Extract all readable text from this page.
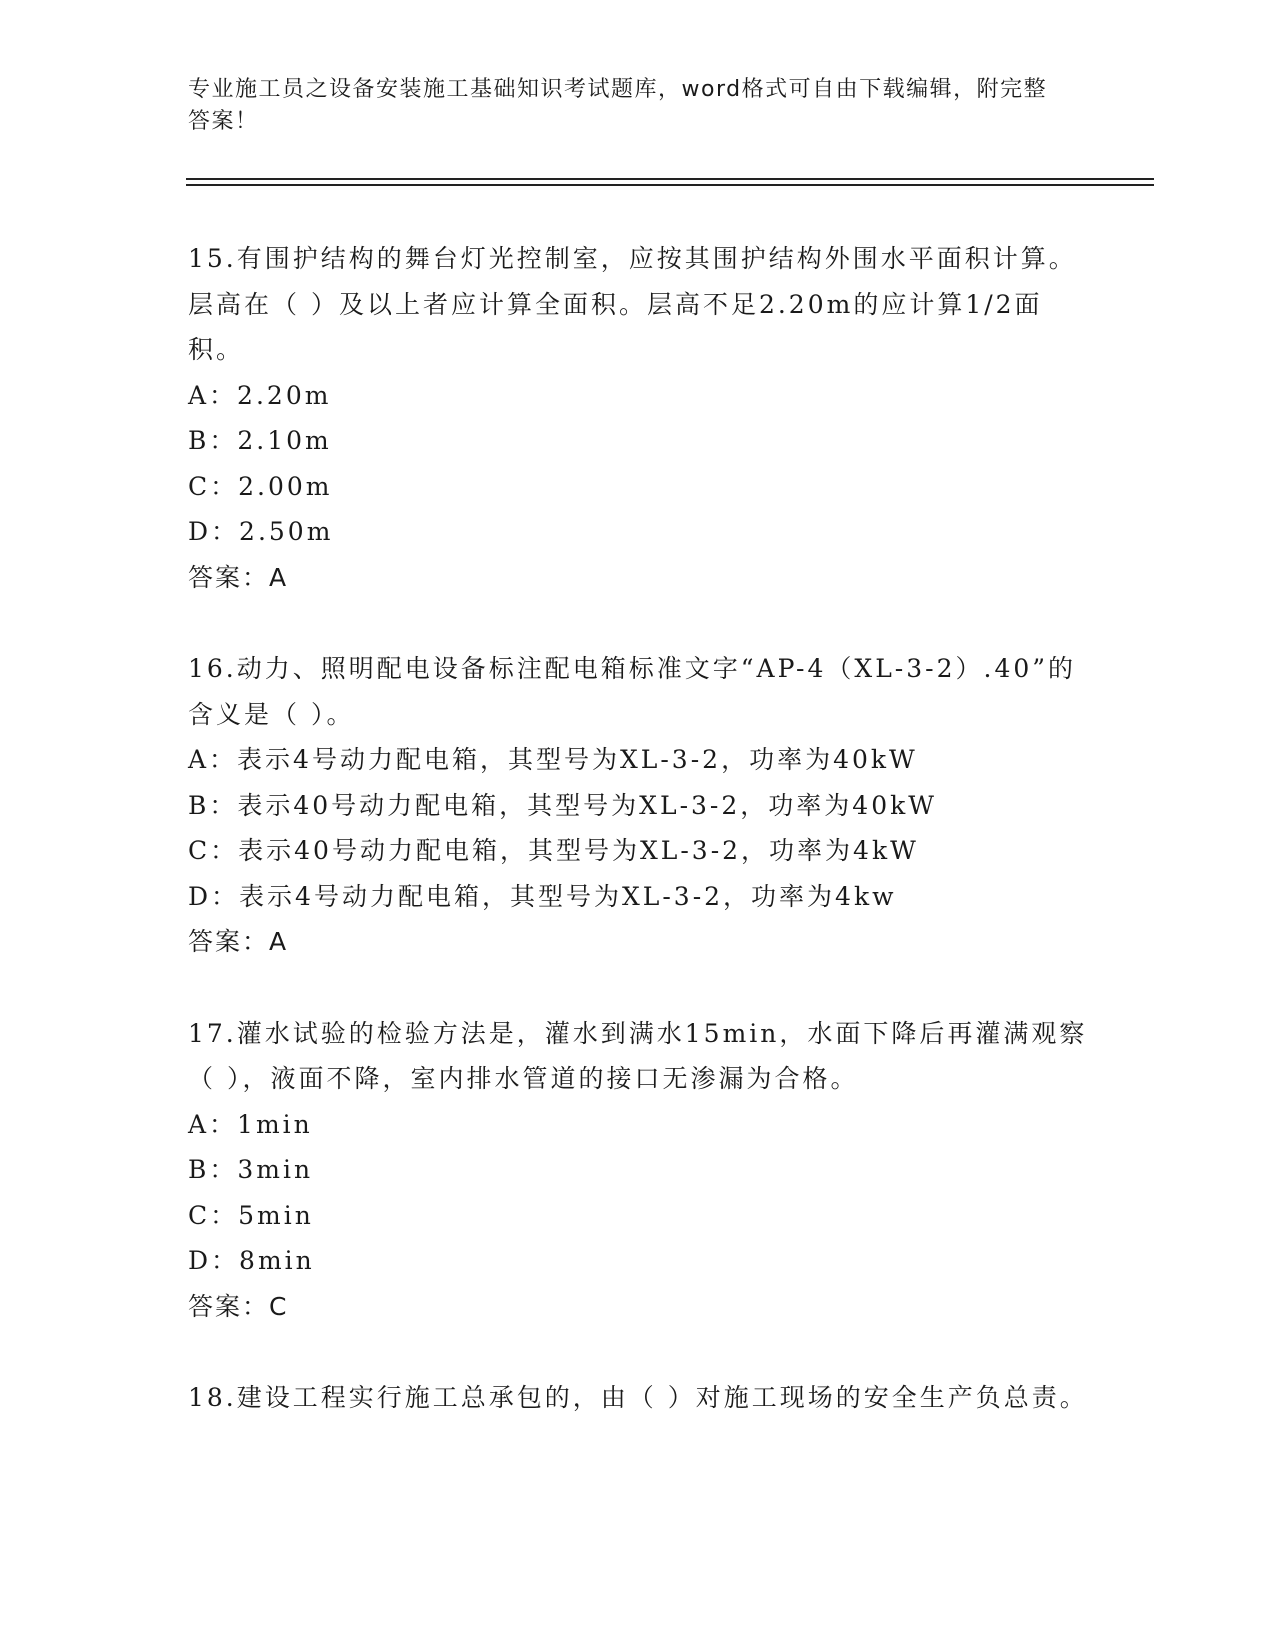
专业施工员之设备安装施工基础知识考试题库，word格式可自由下载编辑，附完整答案！

15.有围护结构的舞台灯光控制室，应按其围护结构外围水平面积计算。层高在（ ）及以上者应计算全面积。层高不足2.20m的应计算1/2面积。

A：2.20m

B：2.10m

C：2.00m

D：2.50m

答案：A

16.动力、照明配电设备标注配电箱标准文字“AP-4（XL-3-2）.40”的含义是（ ）。

A：表示4号动力配电箱，其型号为XL-3-2，功率为40kW

B：表示40号动力配电箱，其型号为XL-3-2，功率为40kW

C：表示40号动力配电箱，其型号为XL-3-2，功率为4kW

D：表示4号动力配电箱，其型号为XL-3-2，功率为4kw

答案：A

17.灌水试验的检验方法是，灌水到满水15min，水面下降后再灌满观察（ ），液面不降，室内排水管道的接口无渗漏为合格。

A：1min

B：3min

C：5min

D：8min

答案：C

18.建设工程实行施工总承包的，由（ ）对施工现场的安全生产负总责。
